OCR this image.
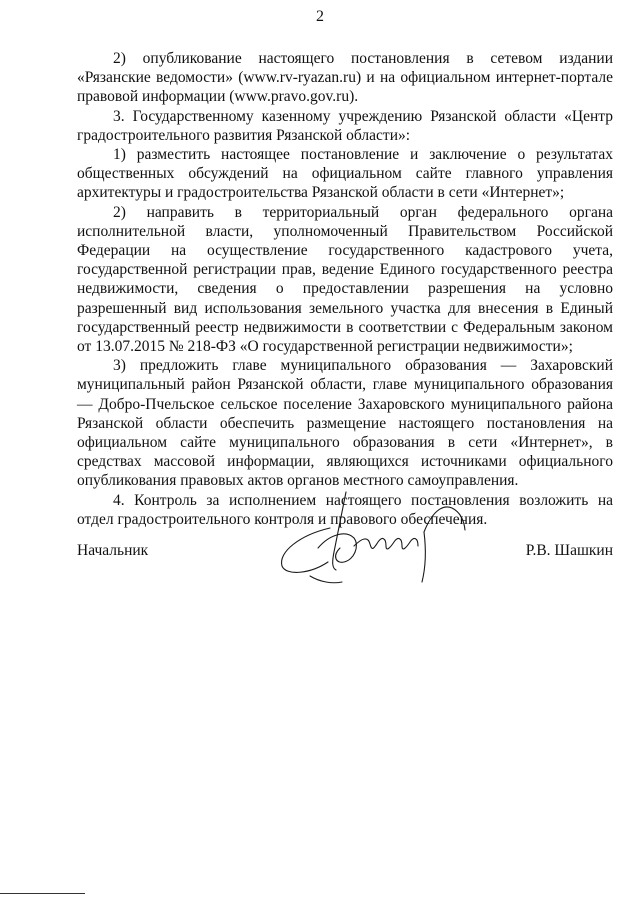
2

2) опубликование настоящего постановления в сетевом издании «Рязанские ведомости» (www.rv-ryazan.ru) и на официальном интернет-портале правовой информации (www.pravo.gov.ru).

3. Государственному казенному учреждению Рязанской области «Центр градостроительного развития Рязанской области»:

1) разместить настоящее постановление и заключение о результатах общественных обсуждений на официальном сайте главного управления архитектуры и градостроительства Рязанской области в сети «Интернет»;

2) направить в территориальный орган федерального органа исполнительной власти, уполномоченный Правительством Российской Федерации на осуществление государственного кадастрового учета, государственной регистрации прав, ведение Единого государственного реестра недвижимости, сведения о предоставлении разрешения на условно разрешенный вид использования земельного участка для внесения в Единый государственный реестр недвижимости в соответствии с Федеральным законом от 13.07.2015 № 218-ФЗ «О государственной регистрации недвижимости»;

3) предложить главе муниципального образования — Захаровский муниципальный район Рязанской области, главе муниципального образования — Добро-Пчельское сельское поселение Захаровского муниципального района Рязанской области обеспечить размещение настоящего постановления на официальном сайте муниципального образования в сети «Интернет», в средствах массовой информации, являющихся источниками официального опубликования правовых актов органов местного самоуправления.

4. Контроль за исполнением настоящего постановления возложить на отдел градостроительного контроля и правового обеспечения.

Начальник	Р.В. Шашкин
